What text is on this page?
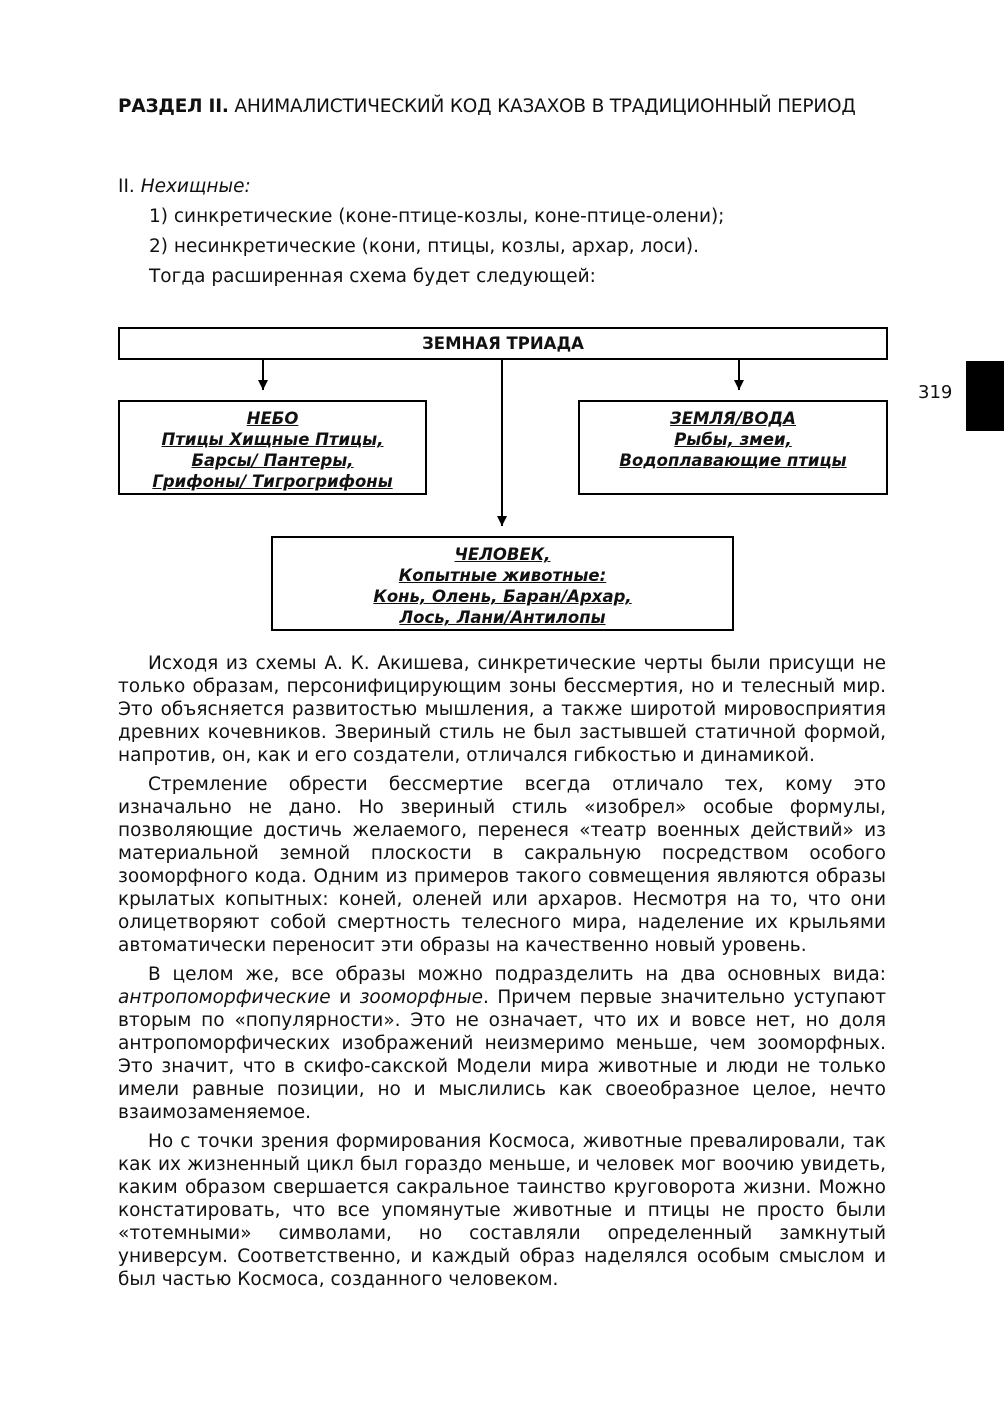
РАЗДЕЛ II. АНИМАЛИСТИЧЕСКИЙ КОД КАЗАХОВ В ТРАДИЦИОННЫЙ ПЕРИОД
319
II. Нехищные:
1) синкретические (коне-птице-козлы, коне-птице-олени);
2) несинкретические (кони, птицы, козлы, архар, лоси).
Тогда расширенная схема будет следующей:
ЗЕМНАЯ ТРИАДА
НЕБО
Птицы Хищные Птицы,
Барсы/ Пантеры,
Грифоны/ Тигрогрифоны
ЗЕМЛЯ/ВОДА
Рыбы, змеи,
Водоплавающие птицы
ЧЕЛОВЕК,
Копытные животные:
Конь, Олень, Баран/Архар,
Лось, Лани/Антилопы

Исходя из схемы А. К. Акишева, синкретические черты были присущи не только образам, персонифицирующим зоны бессмертия, но и телесный мир. Это объясняется развитостью мышления, а также широтой мировосприятия древних кочевников. Звериный стиль не был застывшей статичной формой, напротив, он, как и его создатели, отличался гибкостью и динамикой.

Стремление обрести бессмертие всегда отличало тех, кому это изначально не дано. Но звериный стиль «изобрел» особые формулы, позволяющие достичь желаемого, перенеся «театр военных действий» из материальной земной плоскости в сакральную посредством особого зооморфного кода. Одним из примеров такого совмещения являются образы крылатых копытных: коней, оленей или архаров. Несмотря на то, что они олицетворяют собой смертность телесного мира, наделение их крыльями автоматически переносит эти образы на качественно новый уровень.

В целом же, все образы можно подразделить на два основных вида: антропоморфические и зооморфные. Причем первые значительно уступают вторым по «популярности». Это не означает, что их и вовсе нет, но доля антропоморфических изображений неизмеримо меньше, чем зооморфных. Это значит, что в скифо-сакской Модели мира животные и люди не только имели равные позиции, но и мыслились как своеобразное целое, нечто взаимозаменяемое.

Но с точки зрения формирования Космоса, животные превалировали, так как их жизненный цикл был гораздо меньше, и человек мог воочию увидеть, каким образом свершается сакральное таинство круговорота жизни. Можно констатировать, что все упомянутые животные и птицы не просто были «тотемными» символами, но составляли определенный замкнутый универсум. Соответственно, и каждый образ наделялся особым смыслом и был частью Космоса, созданного человеком.
